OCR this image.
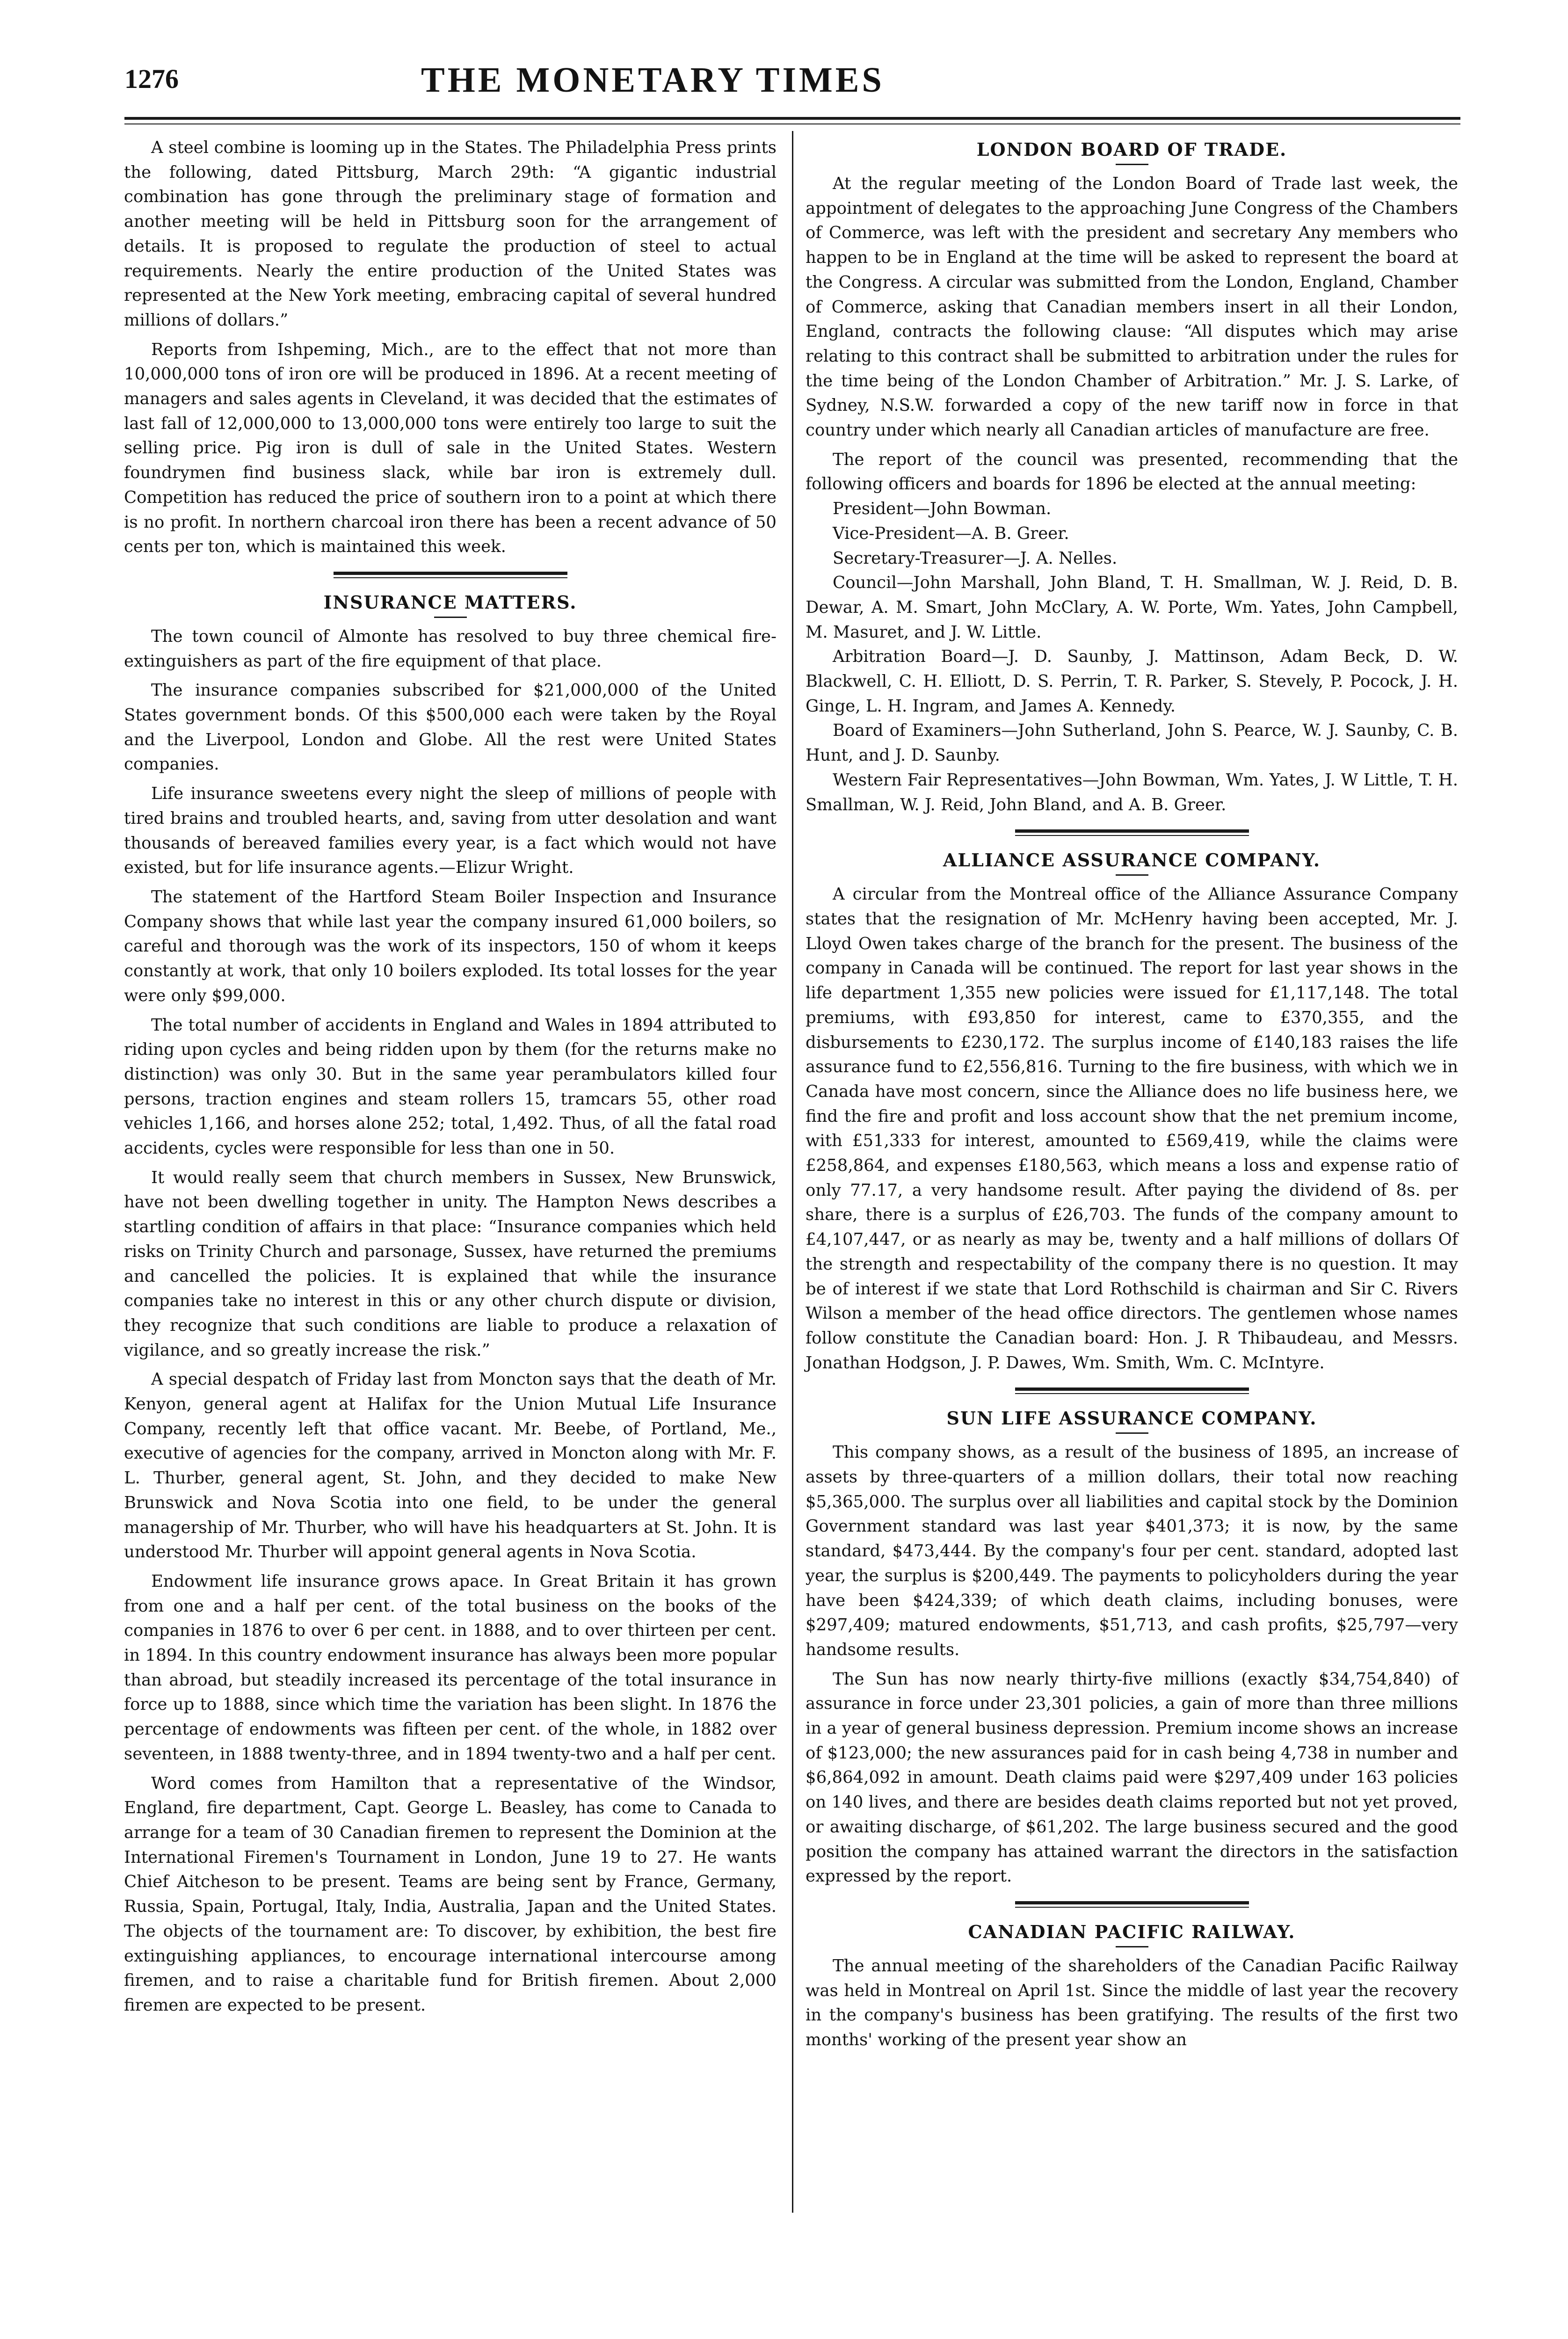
1276	THE MONETARY TIMES

A steel combine is looming up in the States. The Philadelphia Press prints the following, dated Pittsburg, March 29th: “A gigantic industrial combination has gone through the preliminary stage of formation and another meeting will be held in Pittsburg soon for the arrangement of details. It is proposed to regulate the production of steel to actual requirements. Nearly the entire production of the United States was represented at the New York meeting, embracing capital of several hundred millions of dollars.”

Reports from Ishpeming, Mich., are to the effect that not more than 10,000,000 tons of iron ore will be produced in 1896. At a recent meeting of managers and sales agents in Cleveland, it was decided that the estimates of last fall of 12,000,000 to 13,000,000 tons were entirely too large to suit the selling price. Pig iron is dull of sale in the United States. Western foundrymen find business slack, while bar iron is extremely dull. Competition has reduced the price of southern iron to a point at which there is no profit. In northern charcoal iron there has been a recent advance of 50 cents per ton, which is maintained this week.

INSURANCE MATTERS.

The town council of Almonte has resolved to buy three chemical fire-extinguishers as part of the fire equipment of that place.

The insurance companies subscribed for $21,000,000 of the United States government bonds. Of this $500,000 each were taken by the Royal and the Liverpool, London and Globe. All the rest were United States companies.

Life insurance sweetens every night the sleep of millions of people with tired brains and troubled hearts, and, saving from utter desolation and want thousands of bereaved families every year, is a fact which would not have existed, but for life insurance agents.—Elizur Wright.

The statement of the Hartford Steam Boiler Inspection and Insurance Company shows that while last year the company insured 61,000 boilers, so careful and thorough was the work of its inspectors, 150 of whom it keeps constantly at work, that only 10 boilers exploded. Its total losses for the year were only $99,000.

The total number of accidents in England and Wales in 1894 attributed to riding upon cycles and being ridden upon by them (for the returns make no distinction) was only 30. But in the same year perambulators killed four persons, traction engines and steam rollers 15, tramcars 55, other road vehicles 1,166, and horses alone 252; total, 1,492. Thus, of all the fatal road accidents, cycles were responsible for less than one in 50.

It would really seem that church members in Sussex, New Brunswick, have not been dwelling together in unity. The Hampton News describes a startling condition of affairs in that place: “Insurance companies which held risks on Trinity Church and parsonage, Sussex, have returned the premiums and cancelled the policies. It is explained that while the insurance companies take no interest in this or any other church dispute or division, they recognize that such conditions are liable to produce a relaxation of vigilance, and so greatly increase the risk.”

A special despatch of Friday last from Moncton says that the death of Mr. Kenyon, general agent at Halifax for the Union Mutual Life Insurance Company, recently left that office vacant. Mr. Beebe, of Portland, Me., executive of agencies for the company, arrived in Moncton along with Mr. F. L. Thurber, general agent, St. John, and they decided to make New Brunswick and Nova Scotia into one field, to be under the general managership of Mr. Thurber, who will have his headquarters at St. John. It is understood Mr. Thurber will appoint general agents in Nova Scotia.

Endowment life insurance grows apace. In Great Britain it has grown from one and a half per cent. of the total business on the books of the companies in 1876 to over 6 per cent. in 1888, and to over thirteen per cent. in 1894. In this country endowment insurance has always been more popular than abroad, but steadily increased its percentage of the total insurance in force up to 1888, since which time the variation has been slight. In 1876 the percentage of endowments was fifteen per cent. of the whole, in 1882 over seventeen, in 1888 twenty-three, and in 1894 twenty-two and a half per cent.

Word comes from Hamilton that a representative of the Windsor, England, fire department, Capt. George L. Beasley, has come to Canada to arrange for a team of 30 Canadian firemen to represent the Dominion at the International Firemen's Tournament in London, June 19 to 27. He wants Chief Aitcheson to be present. Teams are being sent by France, Germany, Russia, Spain, Portugal, Italy, India, Australia, Japan and the United States. The objects of the tournament are: To discover, by exhibition, the best fire extinguishing appliances, to encourage international intercourse among firemen, and to raise a charitable fund for British firemen. About 2,000 firemen are expected to be present.

LONDON BOARD OF TRADE.

At the regular meeting of the London Board of Trade last week, the appointment of delegates to the approaching June Congress of the Chambers of Commerce, was left with the president and secretary Any members who happen to be in England at the time will be asked to represent the board at the Congress. A circular was submitted from the London, England, Chamber of Commerce, asking that Canadian members insert in all their London, England, contracts the following clause: “All disputes which may arise relating to this contract shall be submitted to arbitration under the rules for the time being of the London Chamber of Arbitration.” Mr. J. S. Larke, of Sydney, N.S.W. forwarded a copy of the new tariff now in force in that country under which nearly all Canadian articles of manufacture are free.

The report of the council was presented, recommending that the following officers and boards for 1896 be elected at the annual meeting:

President—John Bowman.

Vice-President—A. B. Greer.

Secretary-Treasurer—J. A. Nelles.

Council—John Marshall, John Bland, T. H. Smallman, W. J. Reid, D. B. Dewar, A. M. Smart, John McClary, A. W. Porte, Wm. Yates, John Campbell, M. Masuret, and J. W. Little.

Arbitration Board—J. D. Saunby, J. Mattinson, Adam Beck, D. W. Blackwell, C. H. Elliott, D. S. Perrin, T. R. Parker, S. Stevely, P. Pocock, J. H. Ginge, L. H. Ingram, and James A. Kennedy.

Board of Examiners—John Sutherland, John S. Pearce, W. J. Saunby, C. B. Hunt, and J. D. Saunby.

Western Fair Representatives—John Bowman, Wm. Yates, J. W Little, T. H. Smallman, W. J. Reid, John Bland, and A. B. Greer.

ALLIANCE ASSURANCE COMPANY.

A circular from the Montreal office of the Alliance Assurance Company states that the resignation of Mr. McHenry having been accepted, Mr. J. Lloyd Owen takes charge of the branch for the present. The business of the company in Canada will be continued. The report for last year shows in the life department 1,355 new policies were issued for £1,117,148. The total premiums, with £93,850 for interest, came to £370,355, and the disbursements to £230,172. The surplus income of £140,183 raises the life assurance fund to £2,556,816. Turning to the fire business, with which we in Canada have most concern, since the Alliance does no life business here, we find the fire and profit and loss account show that the net premium income, with £51,333 for interest, amounted to £569,419, while the claims were £258,864, and expenses £180,563, which means a loss and expense ratio of only 77.17, a very handsome result. After paying the dividend of 8s. per share, there is a surplus of £26,703. The funds of the company amount to £4,107,447, or as nearly as may be, twenty and a half millions of dollars Of the strength and respectability of the company there is no question. It may be of interest if we state that Lord Rothschild is chairman and Sir C. Rivers Wilson a member of the head office directors. The gentlemen whose names follow constitute the Canadian board: Hon. J. R Thibaudeau, and Messrs. Jonathan Hodgson, J. P. Dawes, Wm. Smith, Wm. C. McIntyre.

SUN LIFE ASSURANCE COMPANY.

This company shows, as a result of the business of 1895, an increase of assets by three-quarters of a million dollars, their total now reaching $5,365,000. The surplus over all liabilities and capital stock by the Dominion Government standard was last year $401,373; it is now, by the same standard, $473,444. By the company's four per cent. standard, adopted last year, the surplus is $200,449. The payments to policyholders during the year have been $424,339; of which death claims, including bonuses, were $297,409; matured endowments, $51,713, and cash profits, $25,797—very handsome results.

The Sun has now nearly thirty-five millions (exactly $34,754,840) of assurance in force under 23,301 policies, a gain of more than three millions in a year of general business depression. Premium income shows an increase of $123,000; the new assurances paid for in cash being 4,738 in number and $6,864,092 in amount. Death claims paid were $297,409 under 163 policies on 140 lives, and there are besides death claims reported but not yet proved, or awaiting discharge, of $61,202. The large business secured and the good position the company has attained warrant the directors in the satisfaction expressed by the report.

CANADIAN PACIFIC RAILWAY.

The annual meeting of the shareholders of the Canadian Pacific Railway was held in Montreal on April 1st. Since the middle of last year the recovery in the company's business has been gratifying. The results of the first two months' working of the present year show an
